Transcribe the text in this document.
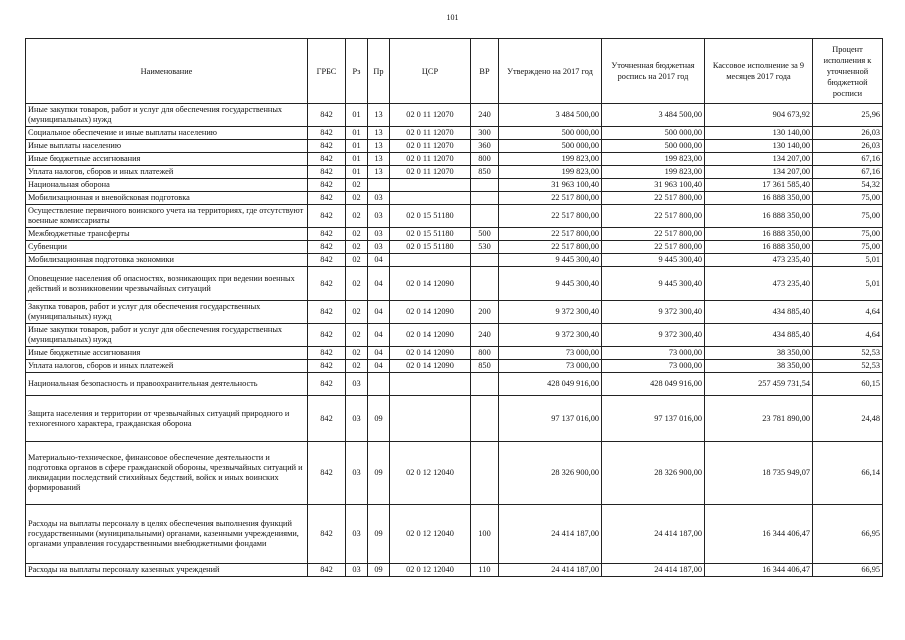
101
Наименование	ГРБС	Рз	Пр	ЦСР	ВР	Утверждено на 2017 год	Уточненная бюджетная роспись на 2017 год	Кассовое исполнение за 9 месяцев 2017 года	Процент исполнения к уточненной бюджетной росписи
Иные закупки товаров, работ и услуг для обеспечения государственных (муниципальных) нужд	842	01	13	02 0 11 12070	240	3 484 500,00	3 484 500,00	904 673,92	25,96
Социальное обеспечение и иные выплаты населению	842	01	13	02 0 11 12070	300	500 000,00	500 000,00	130 140,00	26,03
Иные выплаты населению	842	01	13	02 0 11 12070	360	500 000,00	500 000,00	130 140,00	26,03
Иные бюджетные ассигнования	842	01	13	02 0 11 12070	800	199 823,00	199 823,00	134 207,00	67,16
Уплата налогов, сборов и иных платежей	842	01	13	02 0 11 12070	850	199 823,00	199 823,00	134 207,00	67,16
Национальная оборона	842	02				31 963 100,40	31 963 100,40	17 361 585,40	54,32
Мобилизационная и вневойсковая подготовка	842	02	03			22 517 800,00	22 517 800,00	16 888 350,00	75,00
Осуществление первичного воинского учета на территориях, где отсутствуют военные комиссариаты	842	02	03	02 0 15 51180		22 517 800,00	22 517 800,00	16 888 350,00	75,00
Межбюджетные трансферты	842	02	03	02 0 15 51180	500	22 517 800,00	22 517 800,00	16 888 350,00	75,00
Субвенции	842	02	03	02 0 15 51180	530	22 517 800,00	22 517 800,00	16 888 350,00	75,00
Мобилизационная подготовка экономики	842	02	04			9 445 300,40	9 445 300,40	473 235,40	5,01
Оповещение населения об опасностях, возникающих при ведении военных действий и возникновении чрезвычайных ситуаций	842	02	04	02 0 14 12090		9 445 300,40	9 445 300,40	473 235,40	5,01
Закупка товаров, работ и услуг для обеспечения государственных (муниципальных) нужд	842	02	04	02 0 14 12090	200	9 372 300,40	9 372 300,40	434 885,40	4,64
Иные закупки товаров, работ и услуг для обеспечения государственных (муниципальных) нужд	842	02	04	02 0 14 12090	240	9 372 300,40	9 372 300,40	434 885,40	4,64
Иные бюджетные ассигнования	842	02	04	02 0 14 12090	800	73 000,00	73 000,00	38 350,00	52,53
Уплата налогов, сборов и иных платежей	842	02	04	02 0 14 12090	850	73 000,00	73 000,00	38 350,00	52,53
Национальная безопасность и правоохранительная деятельность	842	03				428 049 916,00	428 049 916,00	257 459 731,54	60,15
Защита населения и территории от чрезвычайных ситуаций природного и техногенного характера, гражданская оборона	842	03	09			97 137 016,00	97 137 016,00	23 781 890,00	24,48
Материально-техническое, финансовое обеспечение деятельности и подготовка органов в сфере гражданской обороны, чрезвычайных ситуаций и ликвидации последствий стихийных бедствий, войск и иных воинских формирований	842	03	09	02 0 12 12040		28 326 900,00	28 326 900,00	18 735 949,07	66,14
Расходы на выплаты персоналу в целях обеспечения выполнения функций государственными (муниципальными) органами, казенными учреждениями, органами управления государственными внебюджетными фондами	842	03	09	02 0 12 12040	100	24 414 187,00	24 414 187,00	16 344 406,47	66,95
Расходы на выплаты персоналу казенных учреждений	842	03	09	02 0 12 12040	110	24 414 187,00	24 414 187,00	16 344 406,47	66,95
